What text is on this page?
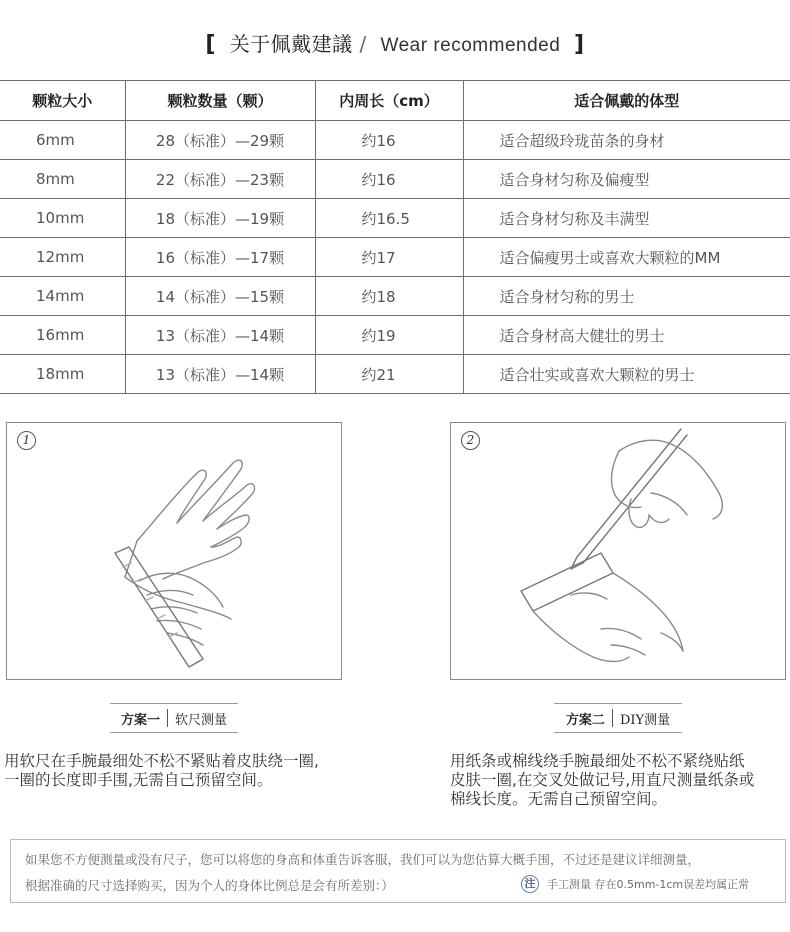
[ 关于佩戴建議 / Wear recommended ]
颗粒大小	颗粒数量（颗）	内周长（cm）	适合佩戴的体型
6mm	28（标准）—29颗	约16	适合超级玲珑苗条的身材
8mm	22（标准）—23颗	约16	适合身材匀称及偏瘦型
10mm	18（标准）—19颗	约16.5	适合身材匀称及丰满型
12mm	16（标准）—17颗	约17	适合偏瘦男士或喜欢大颗粒的MM
14mm	14（标准）—15颗	约18	适合身材匀称的男士
16mm	13（标准）—14颗	约19	适合身材高大健壮的男士
18mm	13（标准）—14颗	约21	适合壮实或喜欢大颗粒的男士
1	2
方案一 软尺测量	方案二 DIY测量
用软尺在手腕最细处不松不紧贴着皮肤绕一圈,
一圈的长度即手围,无需自己预留空间。
用纸条或棉线绕手腕最细处不松不紧绕贴纸
皮肤一圈,在交叉处做记号,用直尺测量纸条或
棉线长度。无需自己预留空间。
如果您不方便测量或没有尺子，您可以将您的身高和体重告诉客服，我们可以为您估算大概手围，不过还是建议详细测量，
根据准确的尺寸选择购买，因为个人的身体比例总是会有所差别：）	注	手工测量 存在0.5mm-1cm误差均属正常
